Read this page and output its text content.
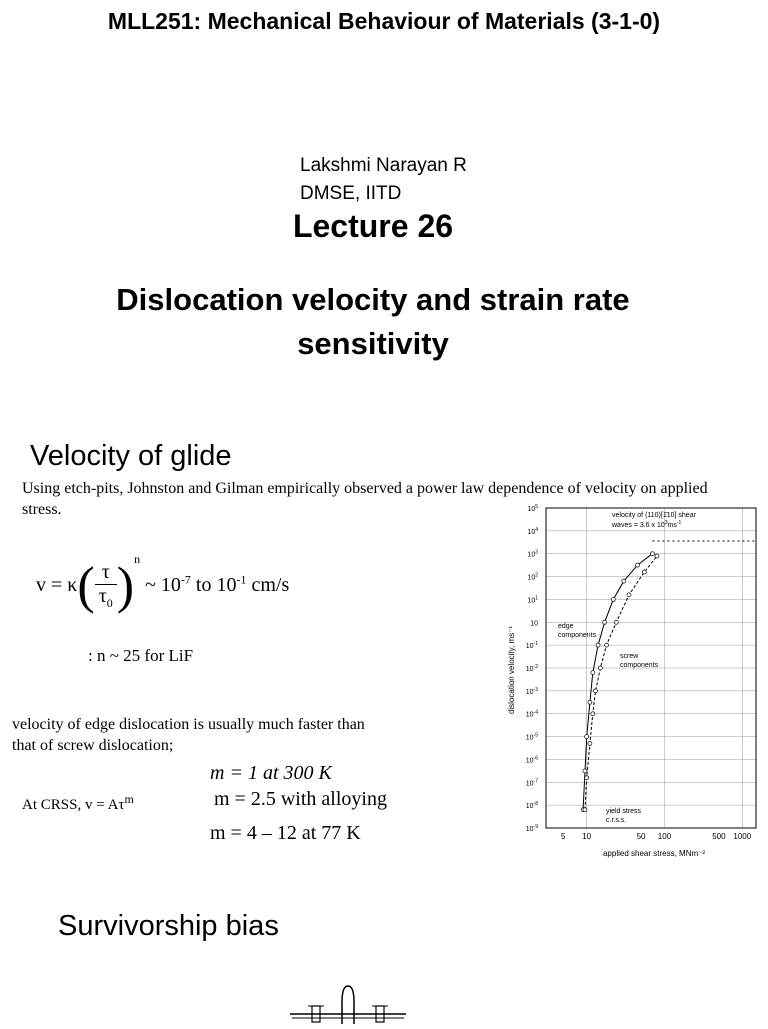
MLL251: Mechanical Behaviour of Materials (3-1-0)
Lakshmi Narayan R
DMSE, IITD
Lecture 26
Dislocation velocity and strain rate sensitivity
Velocity of glide
Using etch-pits, Johnston and Gilman empirically observed a power law dependence of velocity on applied stress.
$v = \kappa( \frac{\tau}{\tau_0} )^n$ ~ $10^{-7}$ to $10^{-1}$ cm/s
: n ~ 25 for LiF
velocity of edge dislocation is usually much faster than that of screw dislocation;
At CRSS, $v = A\tau^m$
m = 1 at 300 K
m = 2.5 with alloying
m = 4 – 12 at 77 K
$10^5$
$10^4$
$10^3$
$10^2$
$10^1$
10
$10^{-1}$
$10^{-2}$
$10^{-3}$
$10^{-4}$
$10^{-5}$
$10^{-6}$
$10^{-7}$
$10^{-8}$
$10^{-9}$
5 10	50 100	500 1000
dislocation velocity, ms⁻¹
applied shear stress, MNm⁻²
velocity of (110)[1̄10] shear
waves = 3.6 x $10^3ms^{-1}$
edge
components
screw
components
yield stress
c.r.s.s.
Survivorship bias
